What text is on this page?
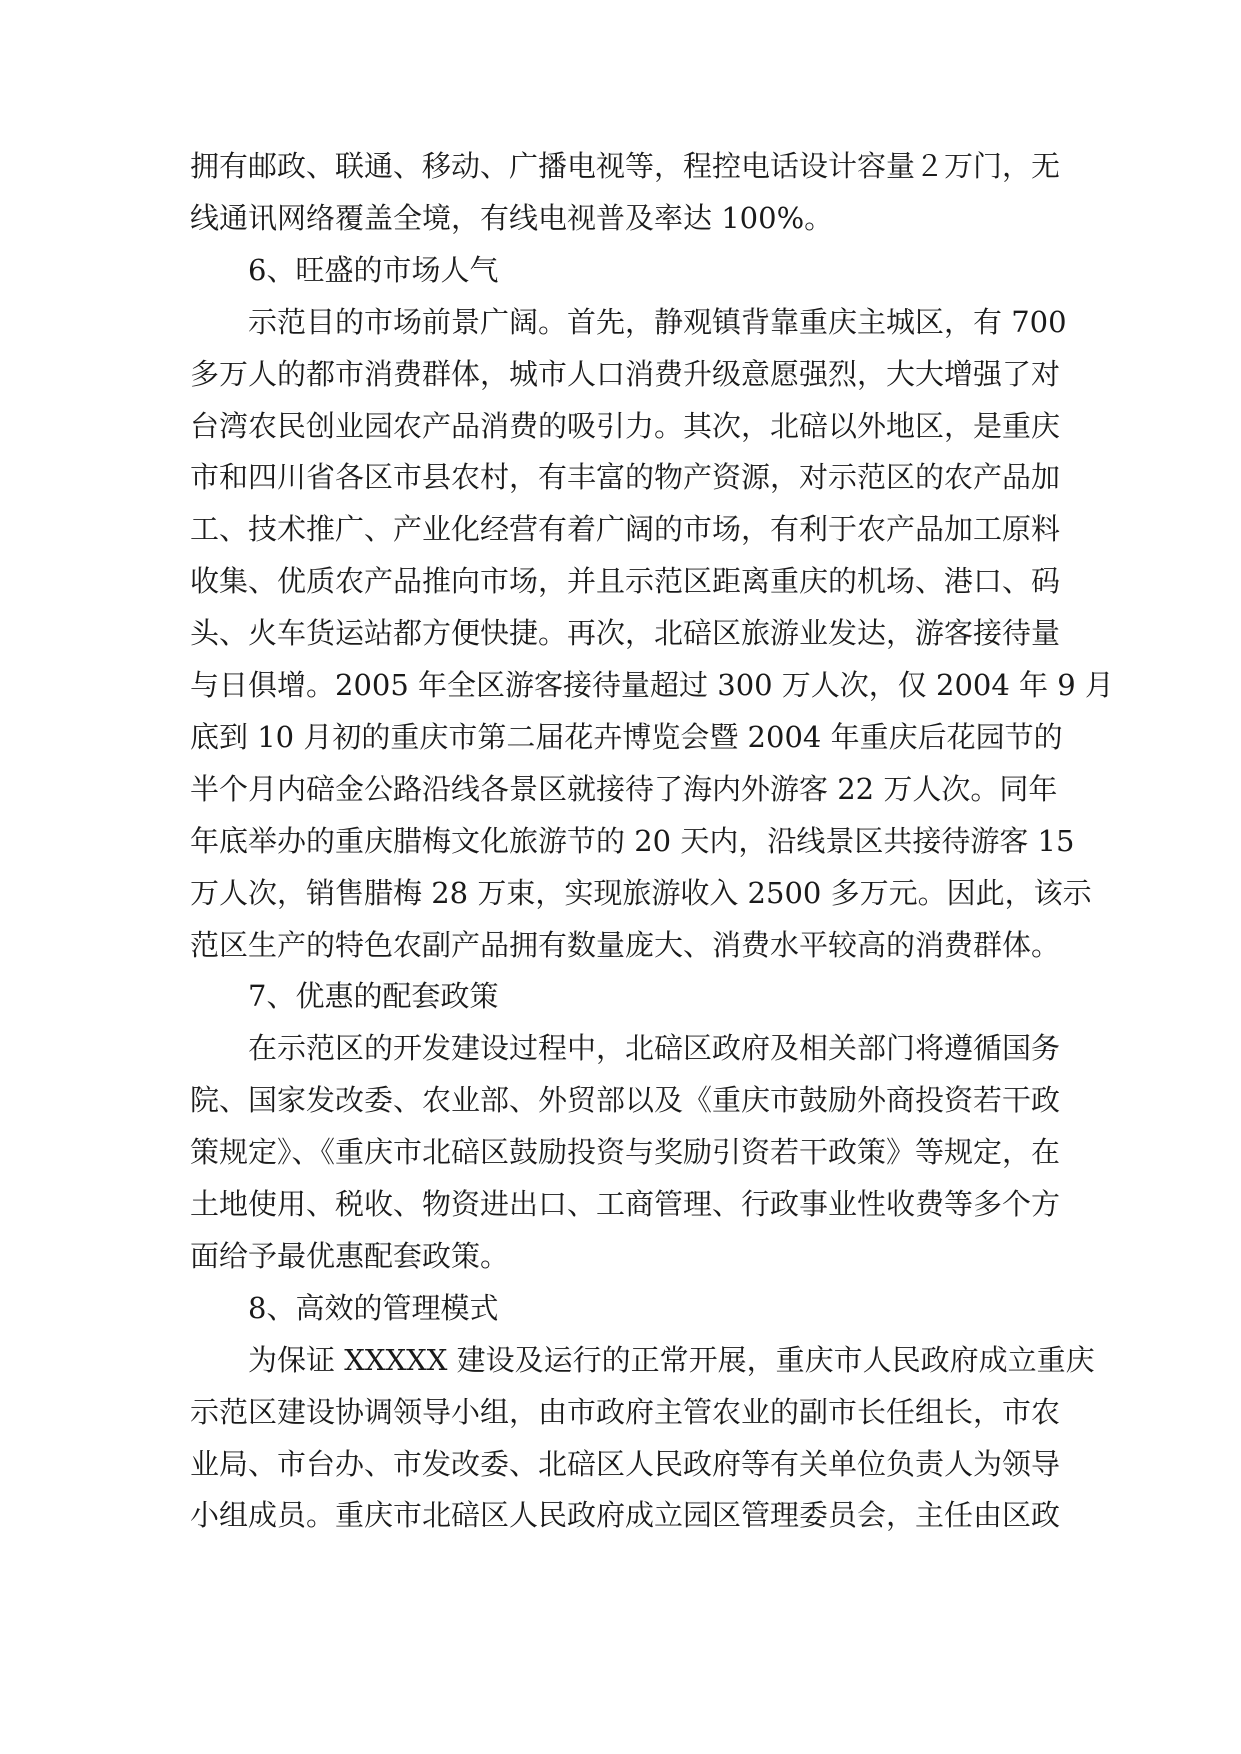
拥有邮政、联通、移动、广播电视等，程控电话设计容量２万门，无
线通讯网络覆盖全境，有线电视普及率达 100%。
6、旺盛的市场人气
示范目的市场前景广阔。首先，静观镇背靠重庆主城区，有 700
多万人的都市消费群体，城市人口消费升级意愿强烈，大大增强了对
台湾农民创业园农产品消费的吸引力。其次，北碚以外地区，是重庆
市和四川省各区市县农村，有丰富的物产资源，对示范区的农产品加
工、技术推广、产业化经营有着广阔的市场，有利于农产品加工原料
收集、优质农产品推向市场，并且示范区距离重庆的机场、港口、码
头、火车货运站都方便快捷。再次，北碚区旅游业发达，游客接待量
与日俱增。2005 年全区游客接待量超过 300 万人次，仅 2004 年 9 月
底到 10 月初的重庆市第二届花卉博览会暨 2004 年重庆后花园节的
半个月内碚金公路沿线各景区就接待了海内外游客 22 万人次。同年
年底举办的重庆腊梅文化旅游节的 20 天内，沿线景区共接待游客 15
万人次，销售腊梅 28 万束，实现旅游收入 2500 多万元。因此，该示
范区生产的特色农副产品拥有数量庞大、消费水平较高的消费群体。
7、优惠的配套政策
在示范区的开发建设过程中，北碚区政府及相关部门将遵循国务
院、国家发改委、农业部、外贸部以及《重庆市鼓励外商投资若干政
策规定》、《重庆市北碚区鼓励投资与奖励引资若干政策》等规定，在
土地使用、税收、物资进出口、工商管理、行政事业性收费等多个方
面给予最优惠配套政策。
8、高效的管理模式
为保证 XXXXX 建设及运行的正常开展，重庆市人民政府成立重庆
示范区建设协调领导小组，由市政府主管农业的副市长任组长，市农
业局、市台办、市发改委、北碚区人民政府等有关单位负责人为领导
小组成员。重庆市北碚区人民政府成立园区管理委员会，主任由区政
